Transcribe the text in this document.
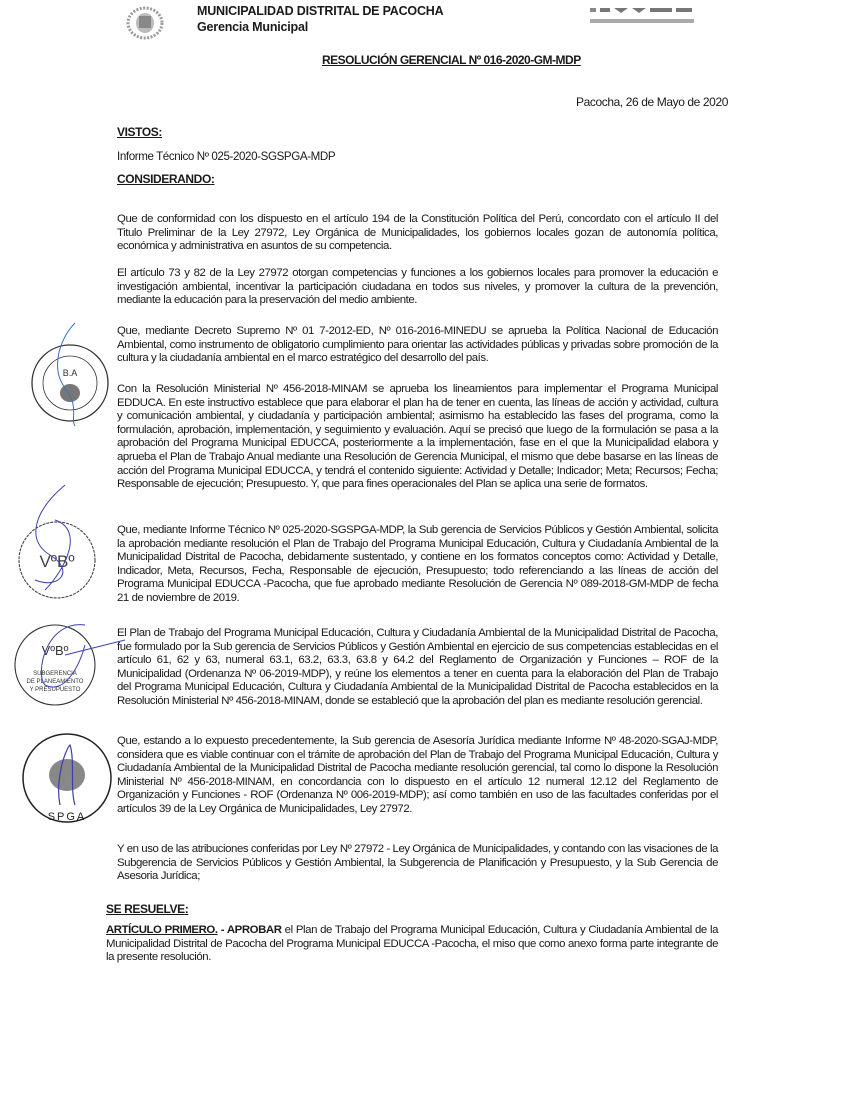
MUNICIPALIDAD DISTRITAL DE PACOCHA
Gerencia Municipal
RESOLUCIÓN GERENCIAL Nº 016-2020-GM-MDP
Pacocha, 26 de Mayo de 2020
VISTOS:
Informe Técnico Nº 025-2020-SGSPGA-MDP
CONSIDERANDO:

Que de conformidad con los dispuesto en el artículo 194 de la Constitución Política del Perú, concordato con el artículo II del Titulo Preliminar de la Ley 27972, Ley Orgánica de Municipalidades, los gobiernos locales gozan de autonomía política, económica y administrativa en asuntos de su competencia.

El artículo 73 y 82 de la Ley 27972 otorgan competencias y funciones a los gobiernos locales para promover la educación e investigación ambiental, incentivar la participación ciudadana en todos sus niveles, y promover la cultura de la prevención, mediante la educación para la preservación del medio ambiente.

Que, mediante Decreto Supremo Nº 01 7-2012-ED, Nº 016-2016-MINEDU se aprueba la Política Nacional de Educación Ambiental, como instrumento de obligatorio cumplimiento para orientar las actividades públicas y privadas sobre promoción de la cultura y la ciudadanía ambiental en el marco estratégico del desarrollo del país.

Con la Resolución Ministerial Nº 456-2018-MINAM se aprueba los lineamientos para implementar el Programa Municipal EDDUCA. En este instructivo establece que para elaborar el plan ha de tener en cuenta, las líneas de acción y actividad, cultura y comunicación ambiental, y ciudadanía y participación ambiental; asimismo ha establecido las fases del programa, como la formulación, aprobación, implementación, y seguimiento y evaluación. Aquí se precisó que luego de la formulación se pasa a la aprobación del Programa Municipal EDUCCA, posteriormente a la implementación, fase en el que la Municipalidad elabora y aprueba el Plan de Trabajo Anual mediante una Resolución de Gerencia Municipal, el mismo que debe basarse en las líneas de acción del Programa Municipal EDUCCA, y tendrá el contenido siguiente: Actividad y Detalle; Indicador; Meta; Recursos; Fecha; Responsable de ejecución; Presupuesto. Y, que para fines operacionales del Plan se aplica una serie de formatos.

Que, mediante Informe Técnico Nº 025-2020-SGSPGA-MDP, la Sub gerencia de Servicios Públicos y Gestión Ambiental, solicita la aprobación mediante resolución el Plan de Trabajo del Programa Municipal Educación, Cultura y Ciudadanía Ambiental de la Municipalidad Distrital de Pacocha, debidamente sustentado, y contiene en los formatos conceptos como: Actividad y Detalle, Indicador, Meta, Recursos, Fecha, Responsable de ejecución, Presupuesto; todo referenciando a las líneas de acción del Programa Municipal EDUCCA -Pacocha, que fue aprobado mediante Resolución de Gerencia Nº 089-2018-GM-MDP de fecha 21 de noviembre de 2019.

El Plan de Trabajo del Programa Municipal Educación, Cultura y Ciudadanía Ambiental de la Municipalidad Distrital de Pacocha, fue formulado por la Sub gerencia de Servicios Públicos y Gestión Ambiental en ejercicio de sus competencias establecidas en el artículo 61, 62 y 63, numeral 63.1, 63.2, 63.3, 63.8 y 64.2 del Reglamento de Organización y Funciones – ROF de la Municipalidad (Ordenanza Nº 06-2019-MDP), y reúne los elementos a tener en cuenta para la elaboración del Plan de Trabajo del Programa Municipal Educación, Cultura y Ciudadanía Ambiental de la Municipalidad Distrital de Pacocha establecidos en la Resolución Ministerial Nº 456-2018-MINAM, donde se estableció que la aprobación del plan es mediante resolución gerencial.

Que, estando a lo expuesto precedentemente, la Sub gerencia de Asesoría Jurídica mediante Informe Nº 48-2020-SGAJ-MDP, considera que es viable continuar con el trámite de aprobación del Plan de Trabajo del Programa Municipal Educación, Cultura y Ciudadanía Ambiental de la Municipalidad Distrital de Pacocha mediante resolución gerencial, tal como lo dispone la Resolución Ministerial Nº 456-2018-MINAM, en concordancia con lo dispuesto en el artículo 12 numeral 12.12 del Reglamento de Organización y Funciones - ROF (Ordenanza Nº 006-2019-MDP); así como también en uso de las facultades conferidas por el artículos 39 de la Ley Orgánica de Municipalidades, Ley 27972.

Y en uso de las atribuciones conferidas por Ley Nº 27972 - Ley Orgánica de Municipalidades, y contando con las visaciones de la Subgerencia de Servicios Públicos y Gestión Ambiental, la Subgerencia de Planificación y Presupuesto, y la Sub Gerencia de Asesoria Jurídica;

SE RESUELVE:

ARTÍCULO PRIMERO. - APROBAR el Plan de Trabajo del Programa Municipal Educación, Cultura y Ciudadanía Ambiental de la Municipalidad Distrital de Pacocha del Programa Municipal EDUCCA -Pacocha, el miso que como anexo forma parte integrante de la presente resolución.

B.A
VºBº
VºBº
SUBGERENCIA
DE PLANEAMIENTO
Y PRESUPUESTO
SPGA
